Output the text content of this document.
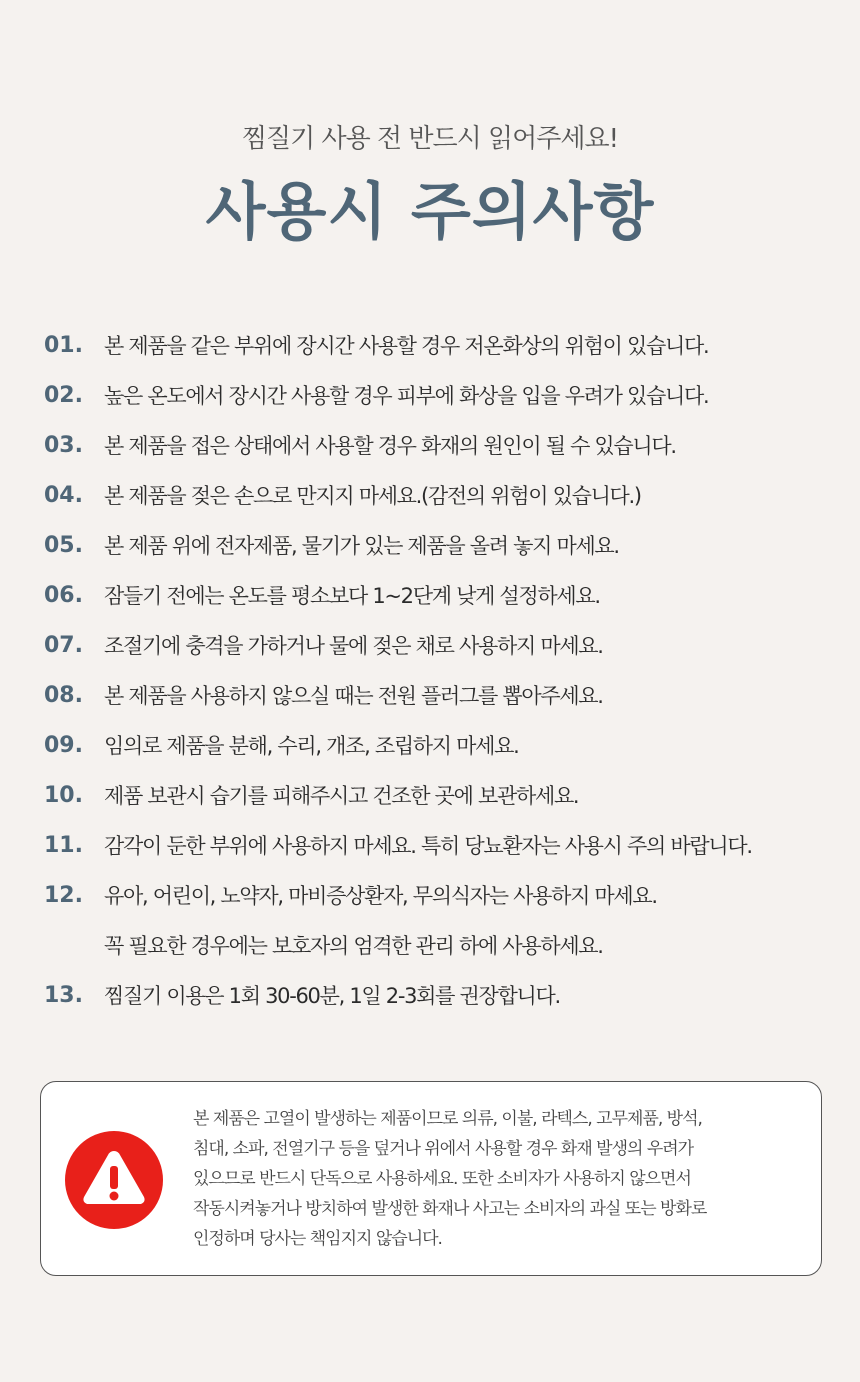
찜질기 사용 전 반드시 읽어주세요!
사용시 주의사항
01.	본 제품을 같은 부위에 장시간 사용할 경우 저온화상의 위험이 있습니다.
02.	높은 온도에서 장시간 사용할 경우 피부에 화상을 입을 우려가 있습니다.
03.	본 제품을 접은 상태에서 사용할 경우 화재의 원인이 될 수 있습니다.
04.	본 제품을 젖은 손으로 만지지 마세요.(감전의 위험이 있습니다.)
05.	본 제품 위에 전자제품, 물기가 있는 제품을 올려 놓지 마세요.
06.	잠들기 전에는 온도를 평소보다 1~2단계 낮게 설정하세요.
07.	조절기에 충격을 가하거나 물에 젖은 채로 사용하지 마세요.
08.	본 제품을 사용하지 않으실 때는 전원 플러그를 뽑아주세요.
09.	임의로 제품을 분해, 수리, 개조, 조립하지 마세요.
10.	제품 보관시 습기를 피해주시고 건조한 곳에 보관하세요.
11.	감각이 둔한 부위에 사용하지 마세요. 특히 당뇨환자는 사용시 주의 바랍니다.
12.	유아, 어린이, 노약자, 마비증상환자, 무의식자는 사용하지 마세요.
꼭 필요한 경우에는 보호자의 엄격한 관리 하에 사용하세요.
13.	찜질기 이용은 1회 30-60분, 1일 2-3회를 권장합니다.
본 제품은 고열이 발생하는 제품이므로 의류, 이불, 라텍스, 고무제품, 방석,
침대, 소파, 전열기구 등을 덮거나 위에서 사용할 경우 화재 발생의 우려가
있으므로 반드시 단독으로 사용하세요. 또한 소비자가 사용하지 않으면서
작동시켜놓거나 방치하여 발생한 화재나 사고는 소비자의 과실 또는 방화로
인정하며 당사는 책임지지 않습니다.
